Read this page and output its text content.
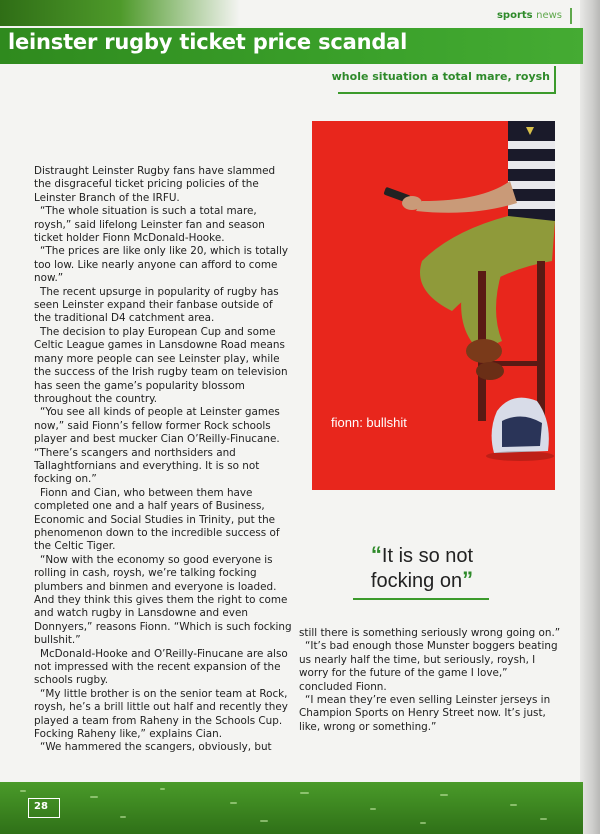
sports news
leinster rugby ticket price scandal
whole situation a total mare, roysh
fionn: bullshit

Distraught Leinster Rugby fans have slammed the disgraceful ticket pricing policies of the Leinster Branch of the IRFU.

“The whole situation is such a total mare, roysh,” said lifelong Leinster fan and season ticket holder Fionn McDonald-Hooke.

“The prices are like only like 20, which is totally too low. Like nearly anyone can afford to come now.”

The recent upsurge in popularity of rugby has seen Leinster expand their fanbase outside of the traditional D4 catchment area.

The decision to play European Cup and some Celtic League games in Lansdowne Road means many more people can see Leinster play, while the success of the Irish rugby team on television has seen the game’s popularity blossom throughout the country.

“You see all kinds of people at Leinster games now,” said Fionn’s fellow former Rock schools player and best mucker Cian O’Reilly-Finucane. “There’s scangers and northsiders and Tallaghtfornians and everything. It is so not focking on.”

Fionn and Cian, who between them have completed one and a half years of Business, Economic and Social Studies in Trinity, put the phenomenon down to the incredible success of the Celtic Tiger.

“Now with the economy so good everyone is rolling in cash, roysh, we’re talking focking plumbers and binmen and everyone is loaded. And they think this gives them the right to come and watch rugby in Lansdowne and even Donnyers,” reasons Fionn. “Which is such focking bullshit.”

McDonald-Hooke and O’Reilly-Finucane are also not impressed with the recent expansion of the schools rugby.

“My little brother is on the senior team at Rock, roysh, he’s a brill little out half and recently they played a team from Raheny in the Schools Cup. Focking Raheny like,” explains Cian.

“We hammered the scangers, obviously, but

“It is so not
focking on”

still there is something seriously wrong going on.”

“It’s bad enough those Munster boggers beating us nearly half the time, but seriously, roysh, I worry for the future of the game I love,” concluded Fionn.

“I mean they’re even selling Leinster jerseys in Champion Sports on Henry Street now. It’s just, like, wrong or something.”

28
